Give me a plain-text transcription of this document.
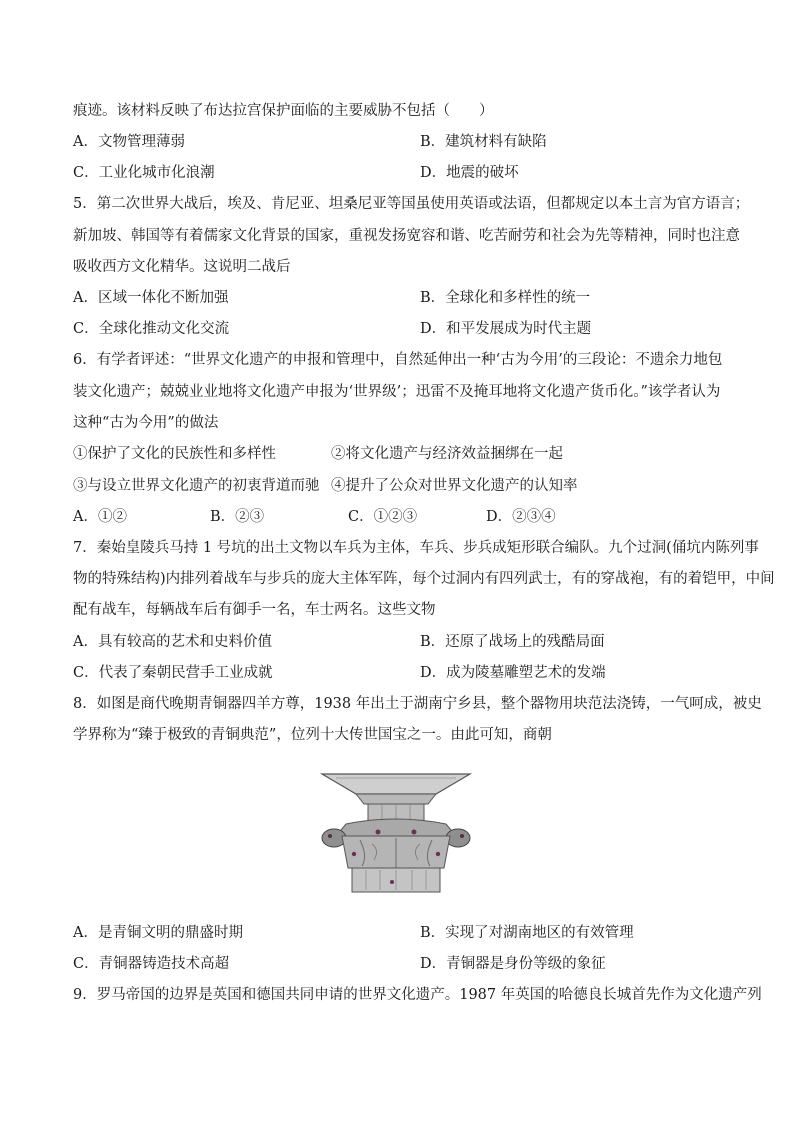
痕迹。该材料反映了布达拉宫保护面临的主要威胁不包括（　　）
A．文物管理薄弱	B．建筑材料有缺陷
C．工业化城市化浪潮	D．地震的破坏
5．第二次世界大战后，埃及、肯尼亚、坦桑尼亚等国虽使用英语或法语，但都规定以本土言为官方语言；
新加坡、韩国等有着儒家文化背景的国家，重视发扬宽容和谐、吃苦耐劳和社会为先等精神，同时也注意
吸收西方文化精华。这说明二战后
A．区域一体化不断加强	B．全球化和多样性的统一
C．全球化推动文化交流	D．和平发展成为时代主题
6．有学者评述：“世界文化遗产的申报和管理中，自然延伸出一种‘古为今用’的三段论：不遗余力地包
装文化遗产；兢兢业业地将文化遗产申报为‘世界级’；迅雷不及掩耳地将文化遗产货币化。”该学者认为
这种“古为今用”的做法
①保护了文化的民族性和多样性	②将文化遗产与经济效益捆绑在一起
③与设立世界文化遗产的初衷背道而驰 ④提升了公众对世界文化遗产的认知率
A．①②	B．②③	C．①②③	D．②③④
7．秦始皇陵兵马持 1 号坑的出土文物以车兵为主体，车兵、步兵成矩形联合编队。九个过洞(俑坑内陈列事
物的特殊结构)内排列着战车与步兵的庞大主体军阵，每个过洞内有四列武士，有的穿战袍，有的着铠甲，中间
配有战车，每辆战车后有御手一名，车士两名。这些文物
A．具有较高的艺术和史料价值	B．还原了战场上的残酷局面
C．代表了秦朝民营手工业成就	D．成为陵墓雕塑艺术的发端
8．如图是商代晚期青铜器四羊方尊，1938 年出土于湖南宁乡县，整个器物用块范法浇铸，一气呵成，被史
学界称为“臻于极致的青铜典范”，位列十大传世国宝之一。由此可知，商朝
A．是青铜文明的鼎盛时期	B．实现了对湖南地区的有效管理
C．青铜器铸造技术高超	D．青铜器是身份等级的象征
9．罗马帝国的边界是英国和德国共同申请的世界文化遗产。1987 年英国的哈德良长城首先作为文化遗产列
